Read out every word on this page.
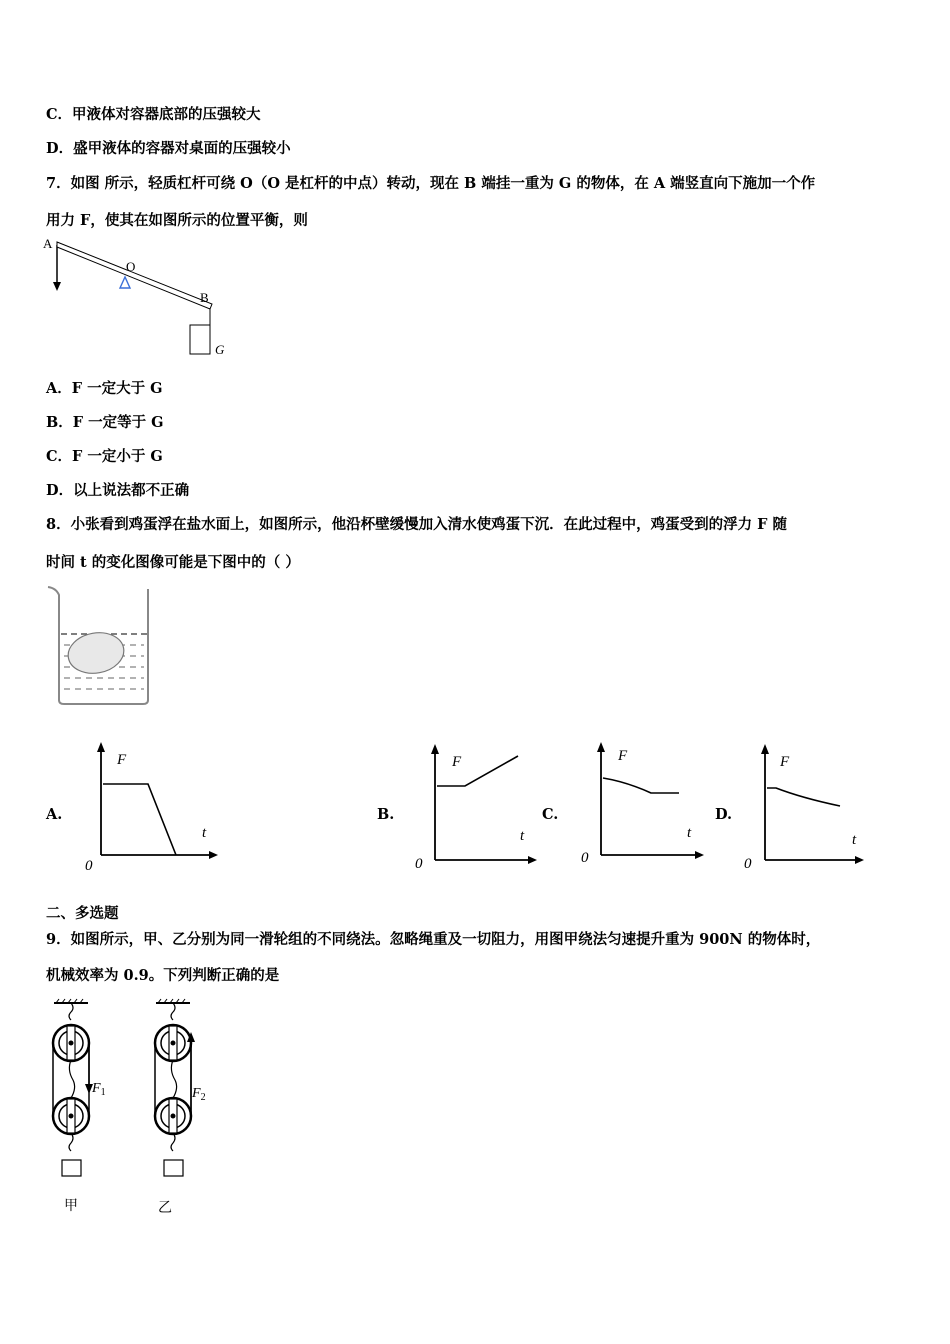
C．甲液体对容器底部的压强较大
D．盛甲液体的容器对桌面的压强较小
7．如图 所示，轻质杠杆可绕 O（O 是杠杆的中点）转动，现在 B 端挂一重为 G 的物体，在 A 端竖直向下施加一个作
用力 F，使其在如图所示的位置平衡，则
A
O
B
G
A．F 一定大于 G
B．F 一定等于 G
C．F 一定小于 G
D．以上说法都不正确
8．小张看到鸡蛋浮在盐水面上，如图所示，他沿杯壁缓慢加入清水使鸡蛋下沉．在此过程中，鸡蛋受到的浮力 F 随
时间 t 的变化图像可能是下图中的（ ）
A.
F
t
0
B.
F
t
0
C.
F
t
0
D.
F
t
0
二、多选题
9．如图所示，甲、乙分别为同一滑轮组的不同绕法。忽略绳重及一切阻力，用图甲绕法匀速提升重为 900N 的物体时，
机械效率为 0.9。下列判断正确的是
$F_1$
甲
$F_2$
乙
